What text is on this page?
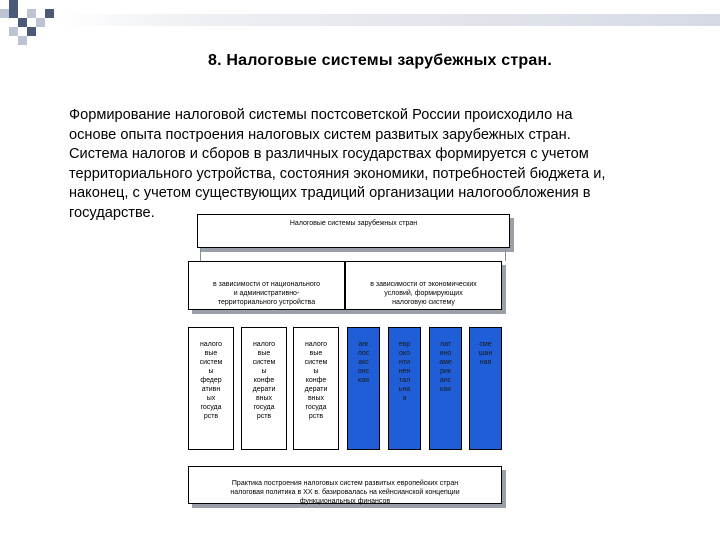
8. Налоговые системы зарубежных стран.
Формирование налоговой системы постсоветской России происходило на
основе опыта построения налоговых систем развитых зарубежных стран.
Система налогов и сборов в различных государствах формируется с учетом
территориального устройства, состояния экономики, потребностей бюджета и,
наконец, с учетом существующих традиций организации налогообложения в
государстве.
Налоговые системы зарубежных стран

в зависимости от национального
и административно-
территориального устройства

в зависимости от экономических
условий, формирующих
налоговую систему

налого
вые
систем
ы
федер
ативн
ых
госуда
рств

налого
вые
систем
ы
конфе
дерати
вных
госуда
рств

налого
вые
систем
ы
конфе
дерати
вных
госуда
рств

анг
лос
акс
онс
кая

евр
око
нти
нен
тал
ьна
я

лат
ино
аме
рик
анс
кая

сме
шан
ная

Практика построения налоговых систем развитых европейских стран
налоговая политика в XX в. базировалась на кейнсианской концепции
функциональных финансов
